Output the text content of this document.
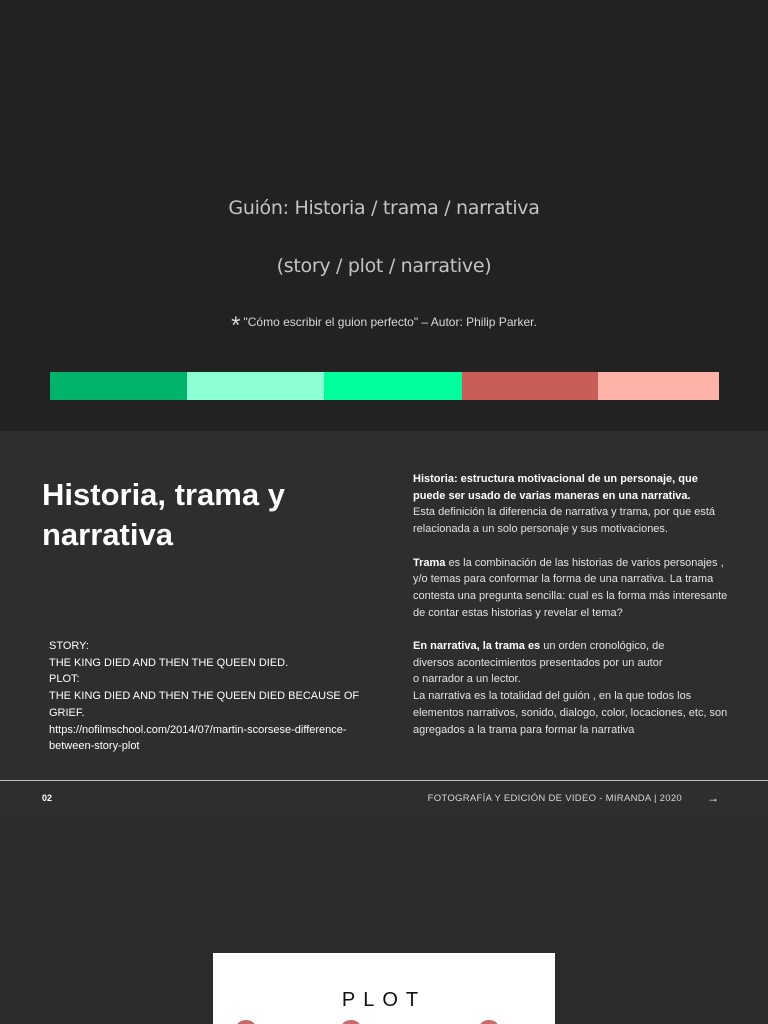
Guión: Historia / trama / narrativa
(story / plot / narrative)
* "Cómo escribir el guion perfecto" – Autor: Philip Parker.
Historia, trama y narrativa
STORY:
THE KING DIED AND THEN THE QUEEN DIED.
PLOT:
THE KING DIED AND THEN THE QUEEN DIED BECAUSE OF GRIEF.
https://nofilmschool.com/2014/07/martin-scorsese-difference-between-story-plot

Historia: estructura motivacional de un personaje, que puede ser usado de varias maneras en una narrativa.
Esta definición la diferencia de narrativa y trama, por que está relacionada a un solo personaje y sus motivaciones.

Trama es la combinación de las historias de varios personajes , y/o temas para conformar la forma de una narrativa. La trama contesta una pregunta sencilla: cual es la forma más interesante de contar estas historias y revelar el tema?

En narrativa, la trama es un orden cronológico, de
diversos acontecimientos presentados por un autor
o narrador a un lector.
La narrativa es la totalidad del guión , en la que todos los elementos narrativos, sonido, dialogo, color, locaciones, etc, son agregados a la trama para formar la narrativa

02	FOTOGRAFÍA Y EDICIÓN DE VIDEO - MIRANDA | 2020 →
PLOT
